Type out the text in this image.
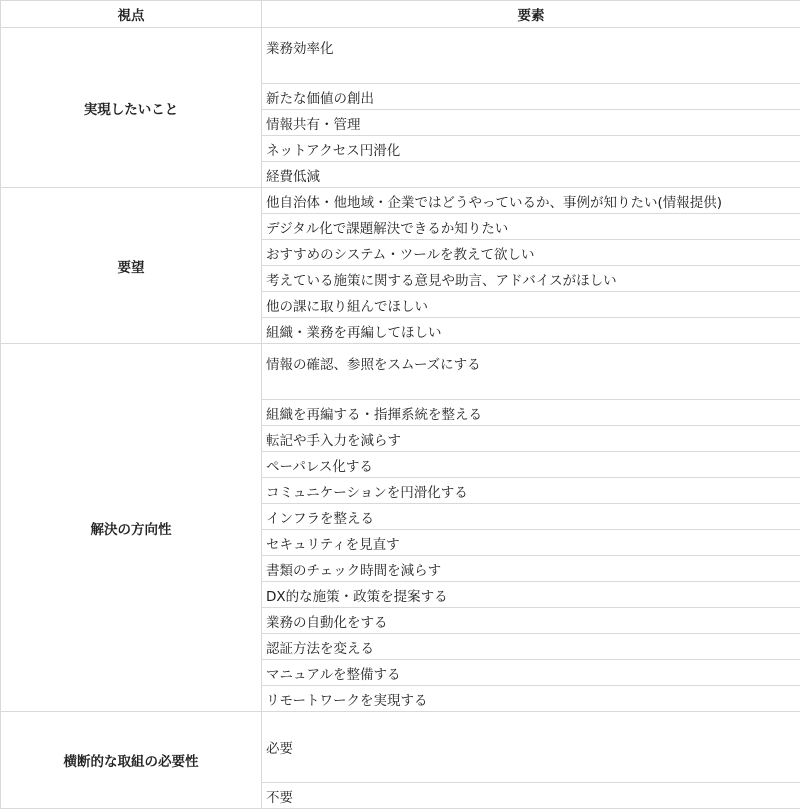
視点	要素
実現したいこと	業務効率化
	新たな価値の創出
	情報共有・管理
	ネットアクセス円滑化
	経費低減
要望	他自治体・他地域・企業ではどうやっているか、事例が知りたい(情報提供)
	デジタル化で課題解決できるか知りたい
	おすすめのシステム・ツールを教えて欲しい
	考えている施策に関する意見や助言、アドバイスがほしい
	他の課に取り組んでほしい
	組織・業務を再編してほしい
解決の方向性	情報の確認、参照をスムーズにする
	組織を再編する・指揮系統を整える
	転記や手入力を減らす
	ペーパレス化する
	コミュニケーションを円滑化する
	インフラを整える
	セキュリティを見直す
	書類のチェック時間を減らす
	DX的な施策・政策を提案する
	業務の自動化をする
	認証方法を変える
	マニュアルを整備する
	リモートワークを実現する
横断的な取組の必要性	必要
	不要
